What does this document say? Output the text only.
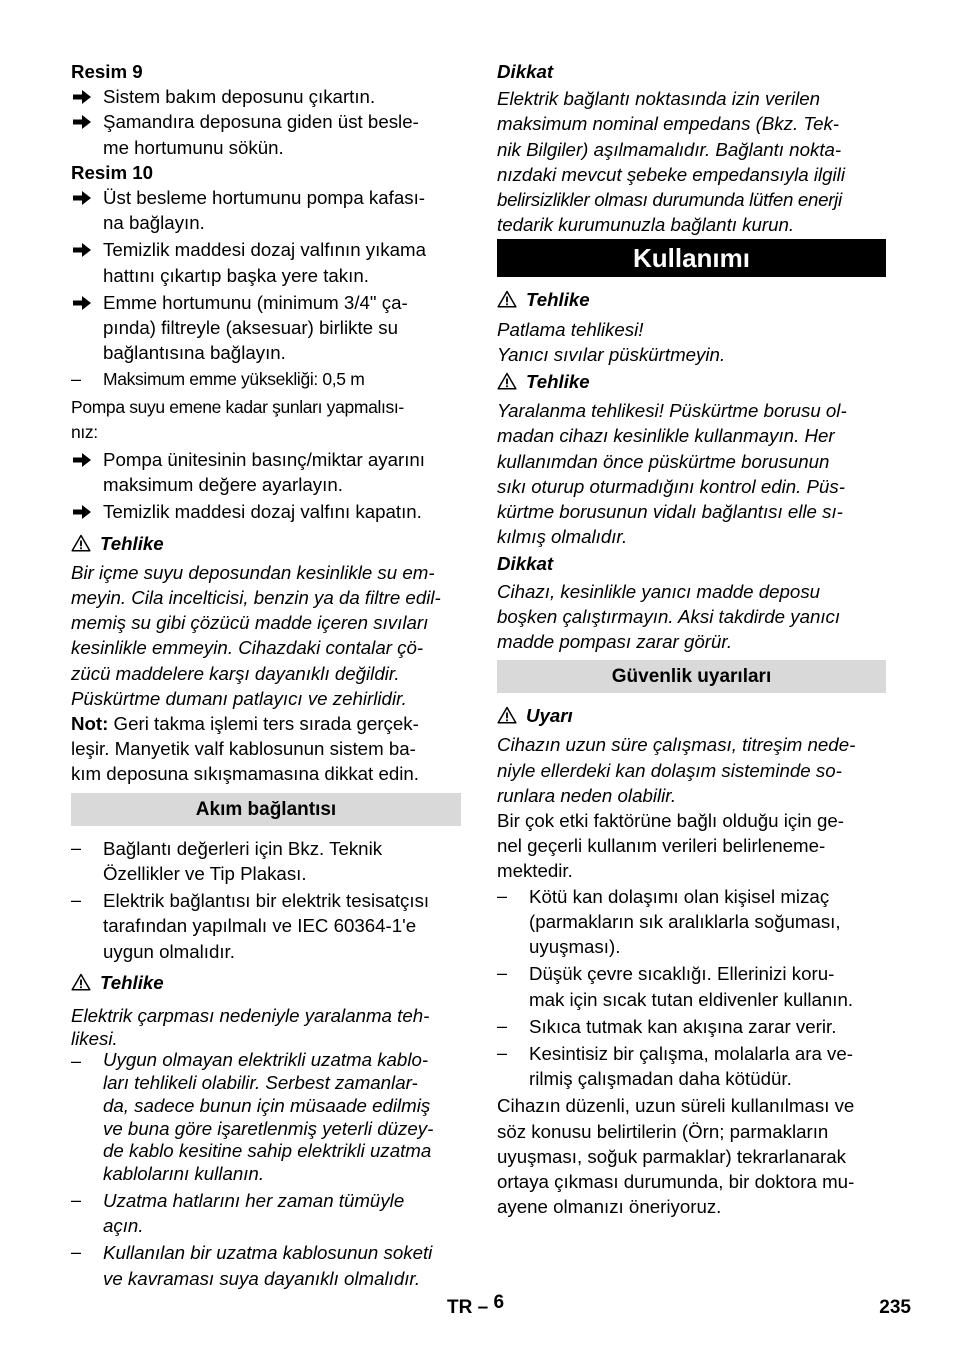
Resim 9

Sistem bakım deposunu çıkartın.

Şamandıra deposuna giden üst besle-

me hortumunu sökün.

Resim 10

Üst besleme hortumunu pompa kafası-

na bağlayın.

Temizlik maddesi dozaj valfının yıkama

hattını çıkartıp başka yere takın.

Emme hortumunu (minimum 3/4" ça-

pında) filtreyle (aksesuar) birlikte su

bağlantısına bağlayın.

–	Maksimum emme yüksekliği: 0,5 m

Pompa suyu emene kadar şunları yapmalısı-

nız:

Pompa ünitesinin basınç/miktar ayarını

maksimum değere ayarlayın.

Temizlik maddesi dozaj valfını kapatın.

Tehlike

Bir içme suyu deposundan kesinlikle su em-

meyin. Cila incelticisi, benzin ya da filtre edil-

memiş su gibi çözücü madde içeren sıvıları

kesinlikle emmeyin. Cihazdaki contalar çö-

zücü maddelere karşı dayanıklı değildir.

Püskürtme dumanı patlayıcı ve zehirlidir.

Not: Geri takma işlemi ters sırada gerçek-

leşir. Manyetik valf kablosunun sistem ba-

kım deposuna sıkışmamasına dikkat edin.

Akım bağlantısı
–	Bağlantı değerleri için Bkz. Teknik

Özellikler ve Tip Plakası.

–	Elektrik bağlantısı bir elektrik tesisatçısı

tarafından yapılmalı ve IEC 60364-1'e

uygun olmalıdır.

Tehlike

Elektrik çarpması nedeniyle yaralanma teh-

likesi.

–	Uygun olmayan elektrikli uzatma kablo-

ları tehlikeli olabilir. Serbest zamanlar-

da, sadece bunun için müsaade edilmiş

ve buna göre işaretlenmiş yeterli düzey-

de kablo kesitine sahip elektrikli uzatma

kablolarını kullanın.

–	Uzatma hatlarını her zaman tümüyle

açın.

–	Kullanılan bir uzatma kablosunun soketi

ve kavraması suya dayanıklı olmalıdır.

Dikkat

Elektrik bağlantı noktasında izin verilen

maksimum nominal empedans (Bkz. Tek-

nik Bilgiler) aşılmamalıdır. Bağlantı nokta-

nızdaki mevcut şebeke empedansıyla ilgili

belirsizlikler olması durumunda lütfen enerji

tedarik kurumunuzla bağlantı kurun.

Kullanımı

Tehlike

Patlama tehlikesi!

Yanıcı sıvılar püskürtmeyin.

Tehlike

Yaralanma tehlikesi! Püskürtme borusu ol-

madan cihazı kesinlikle kullanmayın. Her

kullanımdan önce püskürtme borusunun

sıkı oturup oturmadığını kontrol edin. Püs-

kürtme borusunun vidalı bağlantısı elle sı-

kılmış olmalıdır.

Dikkat

Cihazı, kesinlikle yanıcı madde deposu

boşken çalıştırmayın. Aksi takdirde yanıcı

madde pompası zarar görür.

Güvenlik uyarıları

Uyarı

Cihazın uzun süre çalışması, titreşim nede-

niyle ellerdeki kan dolaşım sisteminde so-

runlara neden olabilir.

Bir çok etki faktörüne bağlı olduğu için ge-

nel geçerli kullanım verileri belirleneme-

mektedir.

–	Kötü kan dolaşımı olan kişisel mizaç

(parmakların sık aralıklarla soğuması,

uyuşması).

–	Düşük çevre sıcaklığı. Ellerinizi koru-

mak için sıcak tutan eldivenler kullanın.

–	Sıkıca tutmak kan akışına zarar verir.

–	Kesintisiz bir çalışma, molalarla ara ve-

rilmiş çalışmadan daha kötüdür.

Cihazın düzenli, uzun süreli kullanılması ve

söz konusu belirtilerin (Örn; parmakların

uyuşması, soğuk parmaklar) tekrarlanarak

ortaya çıkması durumunda, bir doktora mu-

ayene olmanızı öneriyoruz.

TR – 6	235
